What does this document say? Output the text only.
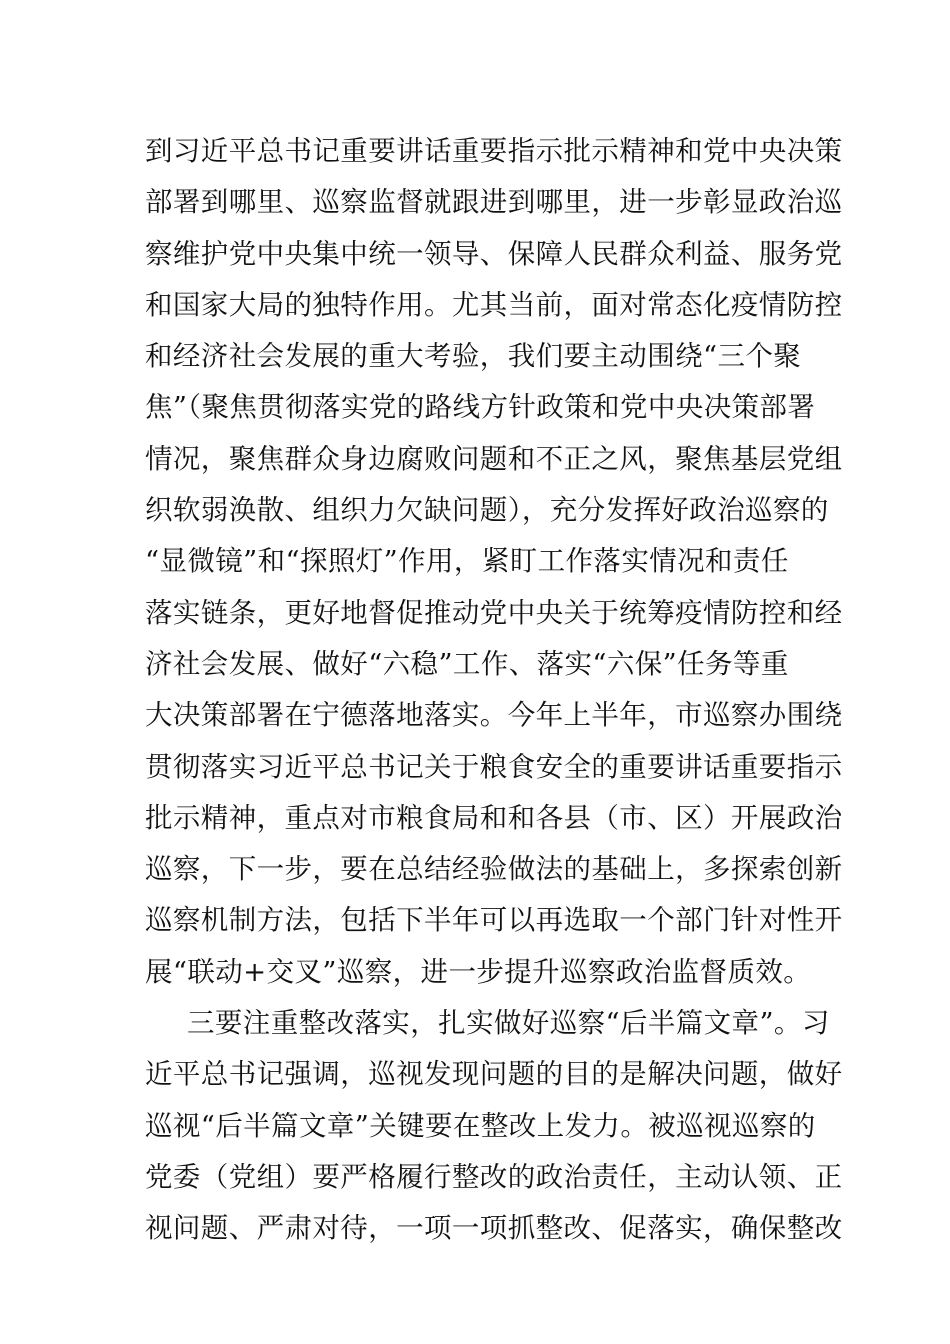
到习近平总书记重要讲话重要指示批示精神和党中央决策
部署到哪里、巡察监督就跟进到哪里，进一步彰显政治巡
察维护党中央集中统一领导、保障人民群众利益、服务党
和国家大局的独特作用。尤其当前，面对常态化疫情防控
和经济社会发展的重大考验，我们要主动围绕“三个聚
焦”（聚焦贯彻落实党的路线方针政策和党中央决策部署
情况，聚焦群众身边腐败问题和不正之风，聚焦基层党组
织软弱涣散、组织力欠缺问题），充分发挥好政治巡察的
“显微镜”和“探照灯”作用，紧盯工作落实情况和责任
落实链条，更好地督促推动党中央关于统筹疫情防控和经
济社会发展、做好“六稳”工作、落实“六保”任务等重
大决策部署在宁德落地落实。今年上半年，市巡察办围绕
贯彻落实习近平总书记关于粮食安全的重要讲话重要指示
批示精神，重点对市粮食局和和各县（市、区）开展政治
巡察，下一步，要在总结经验做法的基础上，多探索创新
巡察机制方法，包括下半年可以再选取一个部门针对性开
展“联动+交叉”巡察，进一步提升巡察政治监督质效。
三要注重整改落实，扎实做好巡察“后半篇文章”。习
近平总书记强调，巡视发现问题的目的是解决问题，做好
巡视“后半篇文章”关键要在整改上发力。被巡视巡察的
党委（党组）要严格履行整改的政治责任，主动认领、正
视问题、严肃对待，一项一项抓整改、促落实，确保整改
